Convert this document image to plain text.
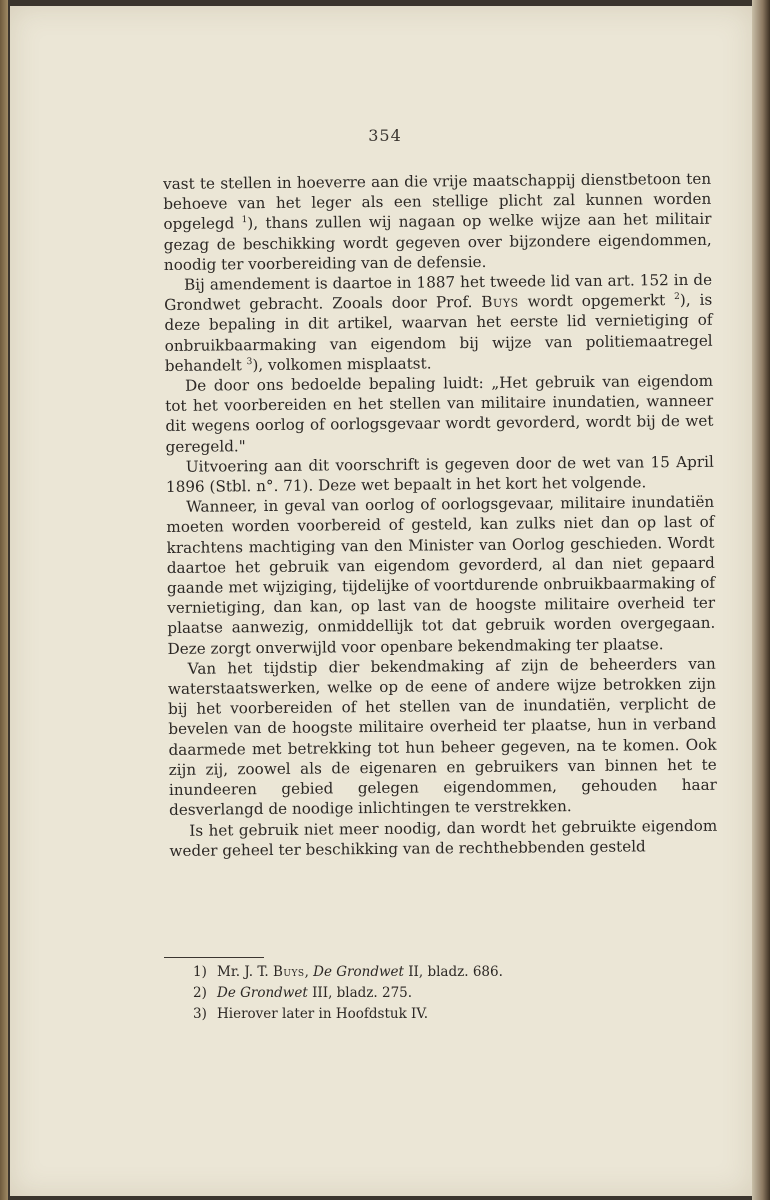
354

vast te stellen in hoeverre aan die vrije maatschappij dienstbetoon ten behoeve van het leger als een stellige plicht zal kunnen worden opgelegd $^1$), thans zullen wij nagaan op welke wijze aan het militair gezag de beschikking wordt gegeven over bijzondere eigendommen, noodig ter voorbereiding van de defensie.

Bij amendement is daartoe in 1887 het tweede lid van art. 152 in de Grondwet gebracht. Zooals door Prof. Buys wordt opgemerkt $^2$), is deze bepaling in dit artikel, waarvan het eerste lid vernietiging of onbruikbaarmaking van eigendom bij wijze van politiemaatregel behandelt $^3$), volkomen misplaatst.

De door ons bedoelde bepaling luidt: „Het gebruik van eigendom tot het voorbereiden en het stellen van militaire inundatien, wanneer dit wegens oorlog of oorlogsgevaar wordt gevorderd, wordt bij de wet geregeld."

Uitvoering aan dit voorschrift is gegeven door de wet van 15 April 1896 (Stbl. n°. 71). Deze wet bepaalt in het kort het volgende.

Wanneer, in geval van oorlog of oorlogsgevaar, militaire inundatiën moeten worden voorbereid of gesteld, kan zulks niet dan op last of krachtens machtiging van den Minister van Oorlog geschieden. Wordt daartoe het gebruik van eigendom gevorderd, al dan niet gepaard gaande met wijziging, tijdelijke of voortdurende onbruikbaarmaking of vernietiging, dan kan, op last van de hoogste militaire overheid ter plaatse aanwezig, onmiddellijk tot dat gebruik worden overgegaan. Deze zorgt onverwijld voor openbare bekendmaking ter plaatse.

Van het tijdstip dier bekendmaking af zijn de beheerders van waterstaatswerken, welke op de eene of andere wijze betrokken zijn bij het voorbereiden of het stellen van de inundatiën, verplicht de bevelen van de hoogste militaire overheid ter plaatse, hun in verband daarmede met betrekking tot hun beheer gegeven, na te komen. Ook zijn zij, zoowel als de eigenaren en gebruikers van binnen het te inundeeren gebied gelegen eigendommen, gehouden haar desverlangd de noodige inlichtingen te verstrekken.

Is het gebruik niet meer noodig, dan wordt het gebruikte eigendom weder geheel ter beschikking van de rechthebbenden gesteld

1) Mr. J. T. Buys, De Grondwet II, bladz. 686.

2) De Grondwet III, bladz. 275.

3) Hierover later in Hoofdstuk IV.
